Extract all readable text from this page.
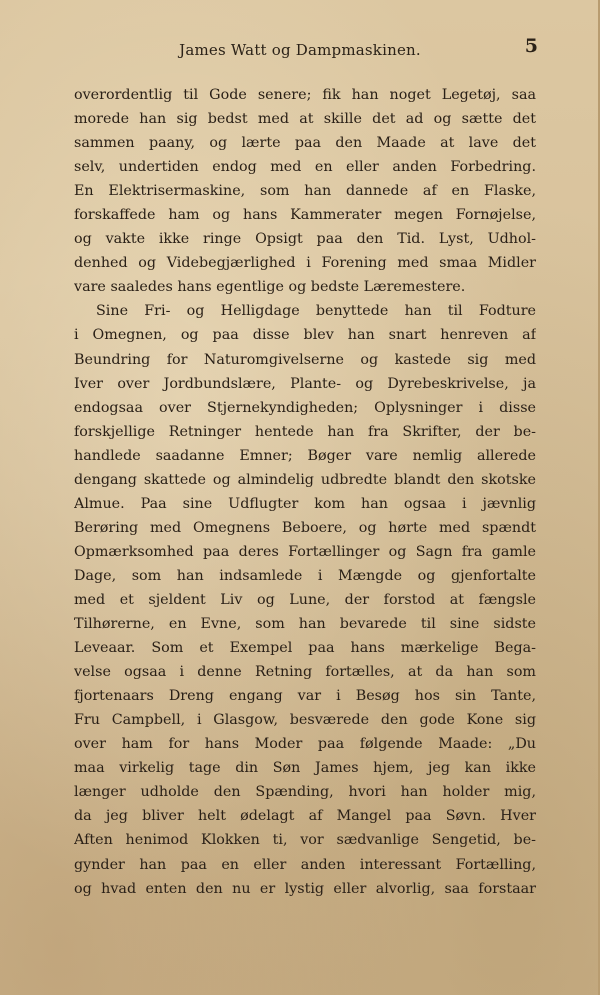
James Watt og Dampmaskinen.	5
overordentlig til Gode senere; fik han noget Legetøj, saa
morede han sig bedst med at skille det ad og sætte det
sammen paany, og lærte paa den Maade at lave det
selv, undertiden endog med en eller anden Forbedring.
En Elektrisermaskine, som han dannede af en Flaske,
forskaffede ham og hans Kammerater megen Fornøjelse,
og vakte ikke ringe Opsigt paa den Tid. Lyst, Udhol-
denhed og Videbegjærlighed i Forening med smaa Midler
vare saaledes hans egentlige og bedste Læremestere.
Sine Fri- og Helligdage benyttede han til Fodture
i Omegnen, og paa disse blev han snart henreven af
Beundring for Naturomgivelserne og kastede sig med
Iver over Jordbundslære, Plante- og Dyrebeskrivelse, ja
endogsaa over Stjernekyndigheden; Oplysninger i disse
forskjellige Retninger hentede han fra Skrifter, der be-
handlede saadanne Emner; Bøger vare nemlig allerede
dengang skattede og almindelig udbredte blandt den skotske
Almue. Paa sine Udflugter kom han ogsaa i jævnlig
Berøring med Omegnens Beboere, og hørte med spændt
Opmærksomhed paa deres Fortællinger og Sagn fra gamle
Dage, som han indsamlede i Mængde og gjenfortalte
med et sjeldent Liv og Lune, der forstod at fængsle
Tilhørerne, en Evne, som han bevarede til sine sidste
Leveaar. Som et Exempel paa hans mærkelige Bega-
velse ogsaa i denne Retning fortælles, at da han som
fjortenaars Dreng engang var i Besøg hos sin Tante,
Fru Campbell, i Glasgow, besværede den gode Kone sig
over ham for hans Moder paa følgende Maade: „Du
maa virkelig tage din Søn James hjem, jeg kan ikke
længer udholde den Spænding, hvori han holder mig,
da jeg bliver helt ødelagt af Mangel paa Søvn. Hver
Aften henimod Klokken ti, vor sædvanlige Sengetid, be-
gynder han paa en eller anden interessant Fortælling,
og hvad enten den nu er lystig eller alvorlig, saa forstaar
